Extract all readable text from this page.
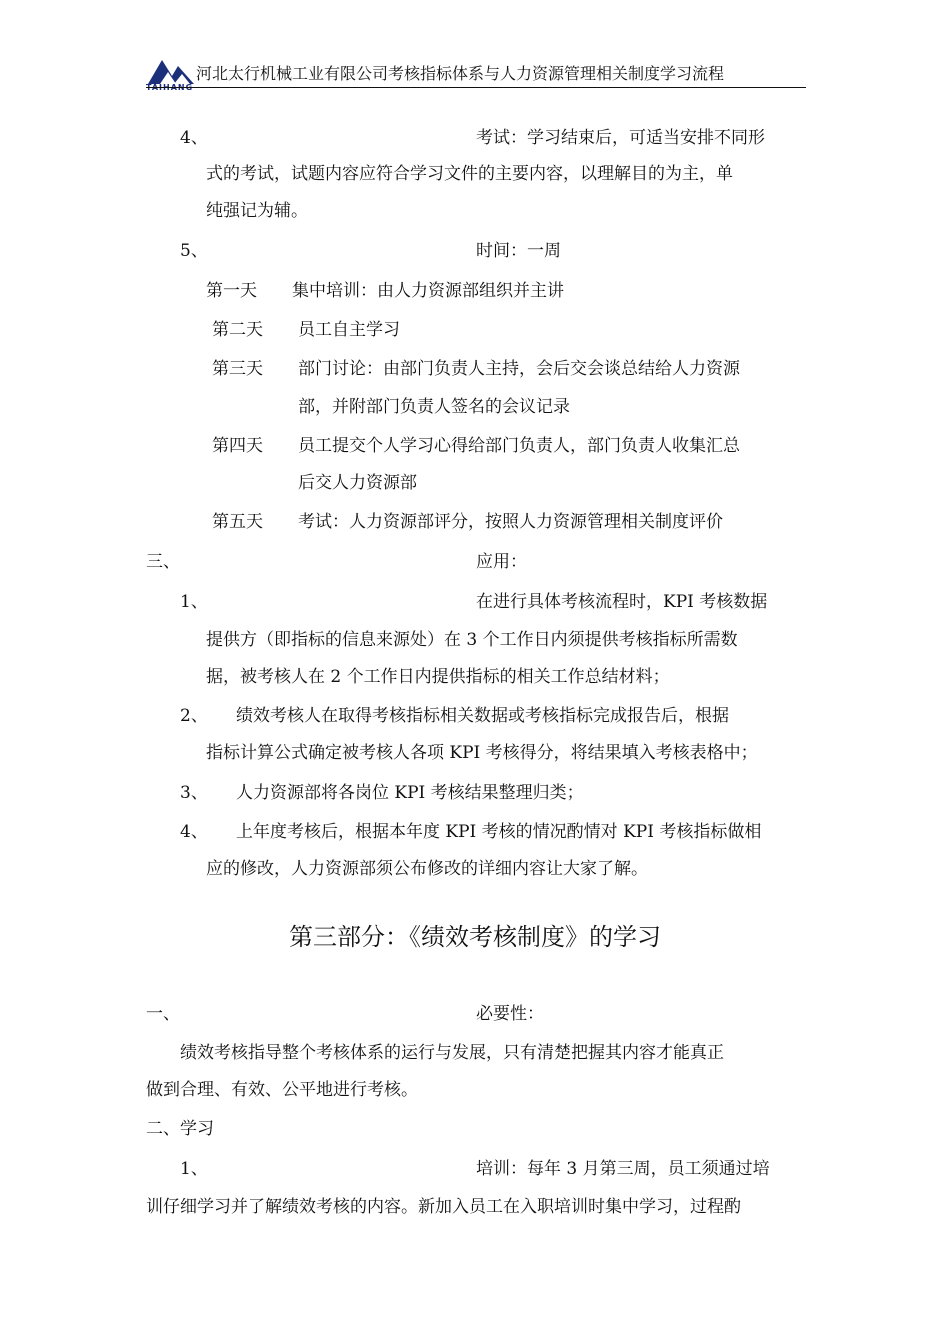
河北太行机械工业有限公司考核指标体系与人力资源管理相关制度学习流程
4、	考试：学习结束后，可适当安排不同形
式的考试，试题内容应符合学习文件的主要内容，以理解目的为主，单
纯强记为辅。
5、	时间：一周
第一天 集中培训：由人力资源部组织并主讲
第二天 员工自主学习
第三天 部门讨论：由部门负责人主持，会后交会谈总结给人力资源
部，并附部门负责人签名的会议记录
第四天 员工提交个人学习心得给部门负责人，部门负责人收集汇总
后交人力资源部
第五天 考试：人力资源部评分，按照人力资源管理相关制度评价
三、	应用：
1、	在进行具体考核流程时，KPI 考核数据
提供方（即指标的信息来源处）在 3 个工作日内须提供考核指标所需数
据，被考核人在 2 个工作日内提供指标的相关工作总结材料；
2、 绩效考核人在取得考核指标相关数据或考核指标完成报告后，根据
指标计算公式确定被考核人各项 KPI 考核得分，将结果填入考核表格中；
3、 人力资源部将各岗位 KPI 考核结果整理归类；
4、 上年度考核后，根据本年度 KPI 考核的情况酌情对 KPI 考核指标做相
应的修改，人力资源部须公布修改的详细内容让大家了解。
第三部分：《绩效考核制度》的学习
一、	必要性：
绩效考核指导整个考核体系的运行与发展，只有清楚把握其内容才能真正
做到合理、有效、公平地进行考核。
二、学习
1、	培训：每年 3 月第三周，员工须通过培
训仔细学习并了解绩效考核的内容。新加入员工在入职培训时集中学习，过程酌
